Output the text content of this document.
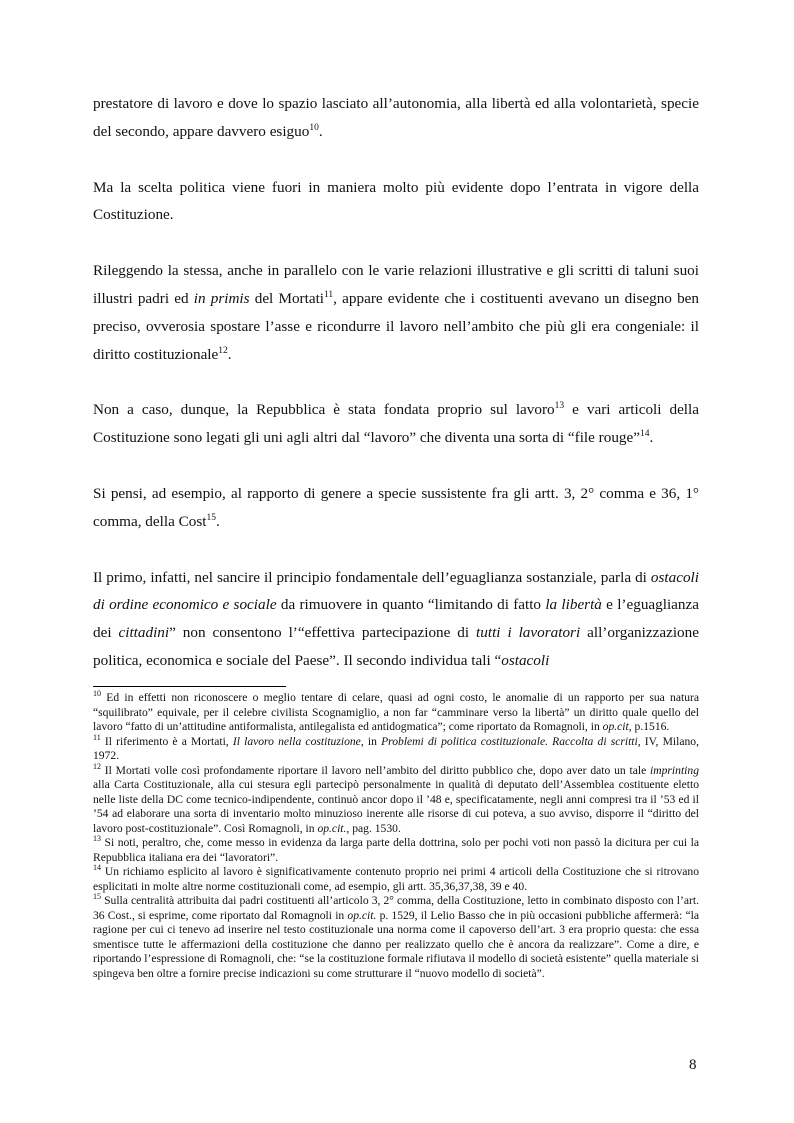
prestatore di lavoro e dove lo spazio lasciato all’autonomia, alla libertà ed alla volontarietà, specie del secondo, appare davvero esiguo$^{10}$.

Ma la scelta politica viene fuori in maniera molto più evidente dopo l’entrata in vigore della Costituzione.

Rileggendo la stessa, anche in parallelo con le varie relazioni illustrative e gli scritti di taluni suoi illustri padri ed in primis del Mortati$^{11}$, appare evidente che i costituenti avevano un disegno ben preciso, ovverosia spostare l’asse e ricondurre il lavoro nell’ambito che più gli era congeniale: il diritto costituzionale$^{12}$.

Non a caso, dunque, la Repubblica è stata fondata proprio sul lavoro$^{13}$ e vari articoli della Costituzione sono legati gli uni agli altri dal “lavoro” che diventa una sorta di “file rouge”$^{14}$.

Si pensi, ad esempio, al rapporto di genere a specie sussistente fra gli artt. 3, 2° comma e 36, 1° comma, della Cost$^{15}$.

Il primo, infatti, nel sancire il principio fondamentale dell’eguaglianza sostanziale, parla di ostacoli di ordine economico e sociale da rimuovere in quanto “limitando di fatto la libertà e l’eguaglianza dei cittadini” non consentono l’“effettiva partecipazione di tutti i lavoratori all’organizzazione politica, economica e sociale del Paese”. Il secondo individua tali “ostacoli

$^{10}$ Ed in effetti non riconoscere o meglio tentare di celare, quasi ad ogni costo, le anomalie di un rapporto per sua natura “squilibrato” equivale, per il celebre civilista Scognamiglio, a non far “camminare verso la libertà” un diritto quale quello del lavoro “fatto di un’attitudine antiformalista, antilegalista ed antidogmatica”; come riportato da Romagnoli, in op.cit, p.1516.

$^{11}$ Il riferimento è a Mortati, Il lavoro nella costituzione, in Problemi di politica costituzionale. Raccolta di scritti, IV, Milano, 1972.

$^{12}$ Il Mortati volle così profondamente riportare il lavoro nell’ambito del diritto pubblico che, dopo aver dato un tale imprinting alla Carta Costituzionale, alla cui stesura egli partecipò personalmente in qualità di deputato dell’Assemblea costituente eletto nelle liste della DC come tecnico-indipendente, continuò ancor dopo il ’48 e, specificatamente, negli anni compresi tra il ’53 ed il ’54 ad elaborare una sorta di inventario molto minuzioso inerente alle risorse di cui poteva, a suo avviso, disporre il “diritto del lavoro post-costituzionale”. Così Romagnoli, in op.cit., pag. 1530.

$^{13}$ Si noti, peraltro, che, come messo in evidenza da larga parte della dottrina, solo per pochi voti non passò la dicitura per cui la Repubblica italiana era dei “lavoratori”.

$^{14}$ Un richiamo esplicito al lavoro è significativamente contenuto proprio nei primi 4 articoli della Costituzione che si ritrovano esplicitati in molte altre norme costituzionali come, ad esempio, gli artt. 35,36,37,38, 39 e 40.

$^{15}$ Sulla centralità attribuita dai padri costituenti all’articolo 3, 2° comma, della Costituzione, letto in combinato disposto con l’art. 36 Cost., si esprime, come riportato dal Romagnoli in op.cit. p. 1529, il Lelio Basso che in più occasioni pubbliche affermerà: “la ragione per cui ci tenevo ad inserire nel testo costituzionale una norma come il capoverso dell’art. 3 era proprio questa: che essa smentisce tutte le affermazioni della costituzione che danno per realizzato quello che è ancora da realizzare”. Come a dire, e riportando l’espressione di Romagnoli, che: “se la costituzione formale rifiutava il modello di società esistente” quella materiale si spingeva ben oltre a fornire precise indicazioni su come strutturare il “nuovo modello di società”.

8
